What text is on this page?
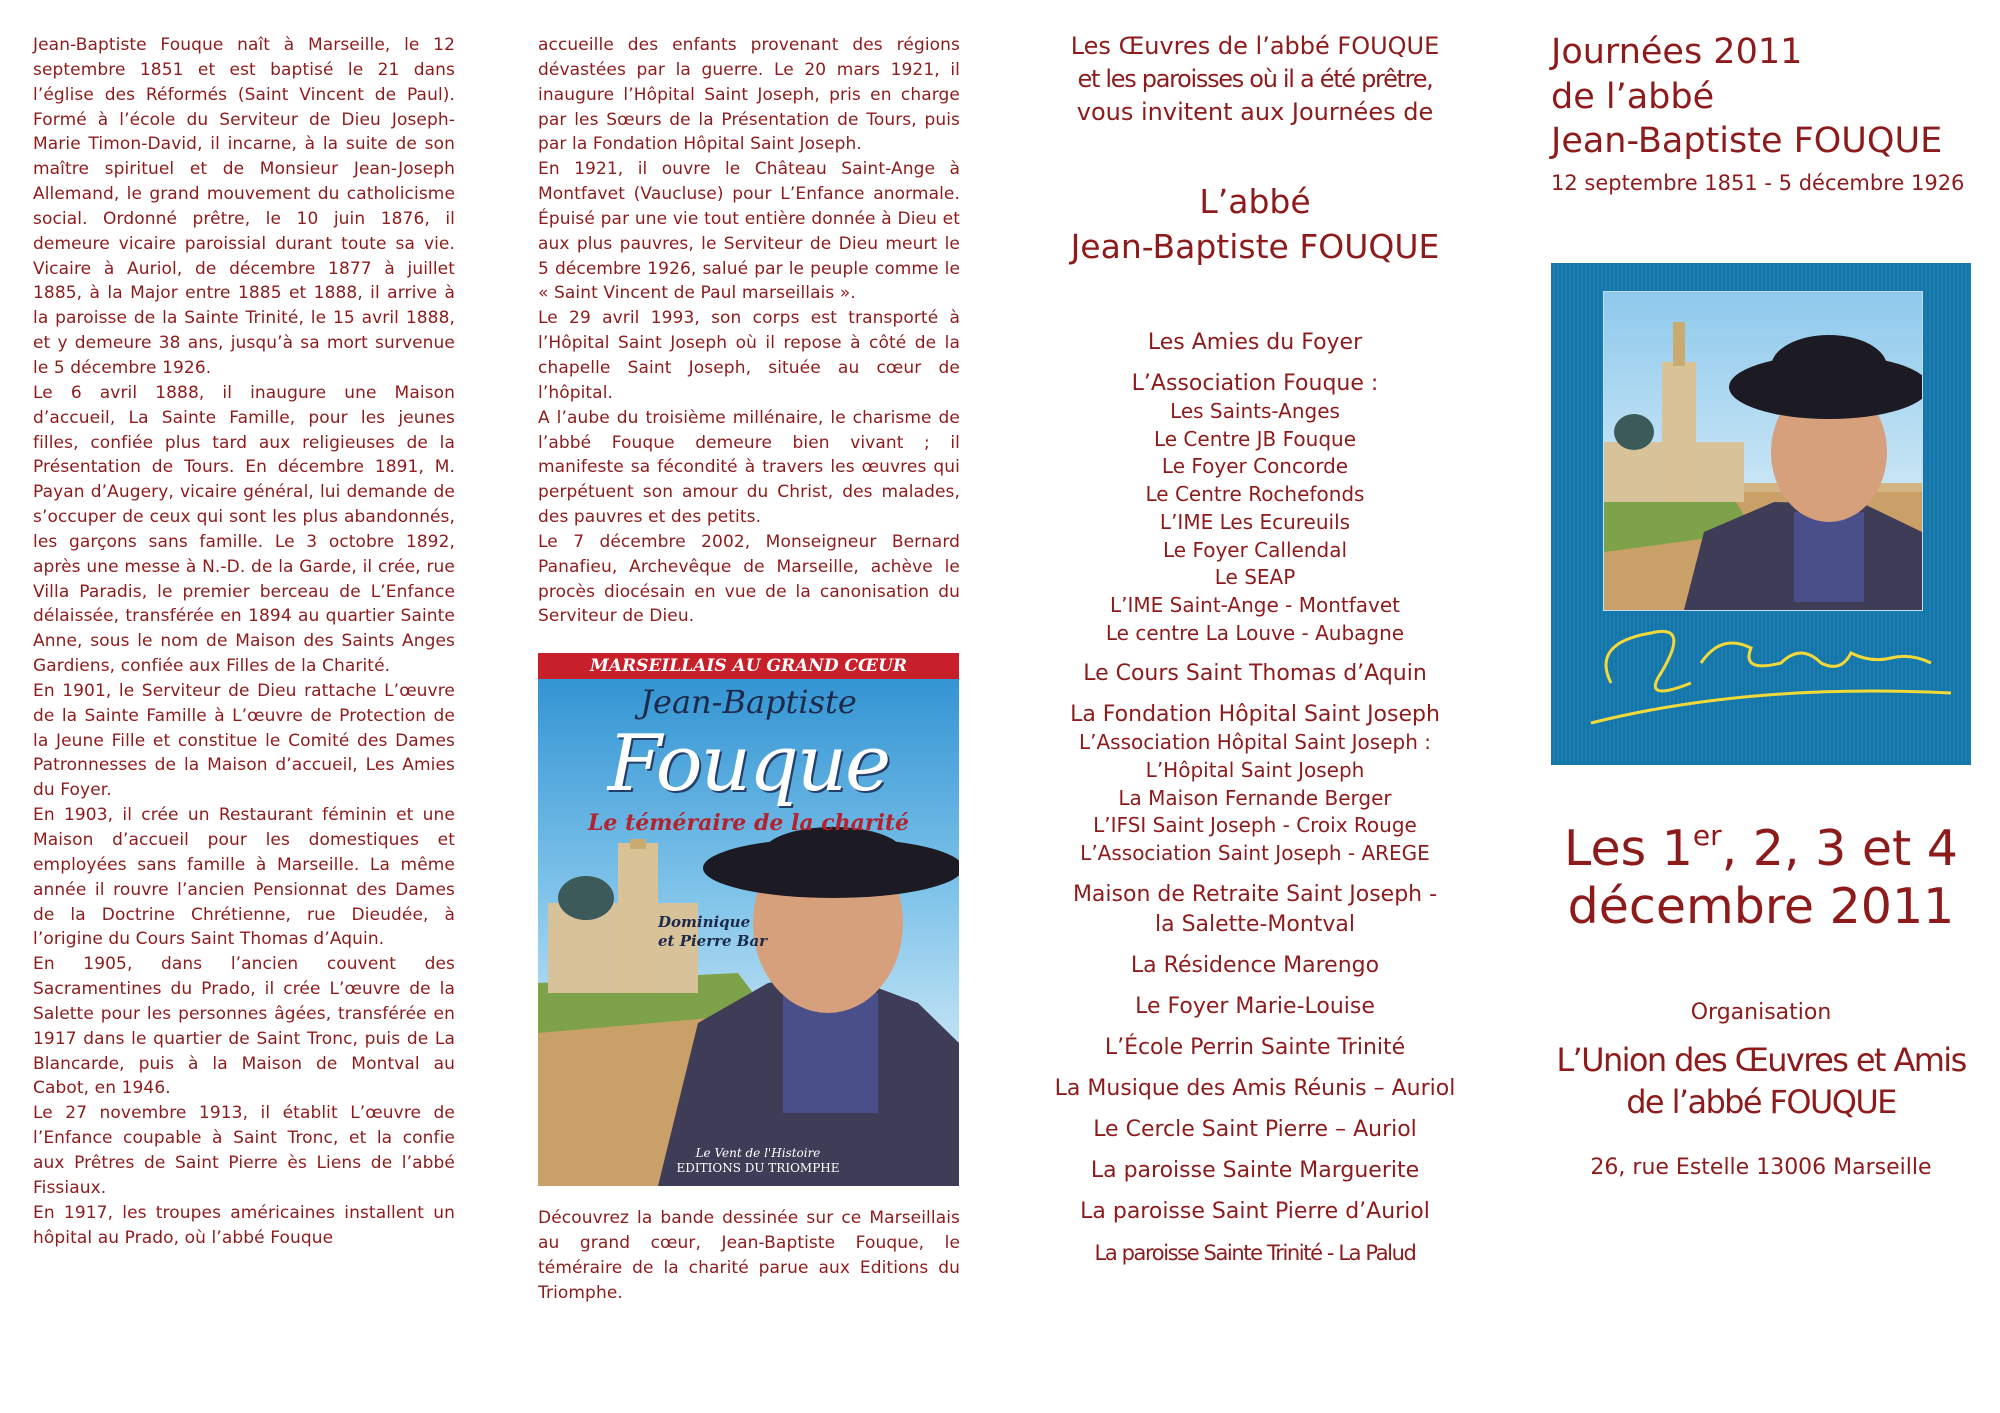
Jean-Baptiste Fouque naît à Marseille, le 12 septembre 1851 et est baptisé le 21 dans l’église des Réformés (Saint Vincent de Paul). Formé à l’école du Serviteur de Dieu Joseph-Marie Timon-David, il incarne, à la suite de son maître spirituel et de Monsieur Jean-Joseph Allemand, le grand mouvement du catholicisme social. Ordonné prêtre, le 10 juin 1876, il demeure vicaire paroissial durant toute sa vie. Vicaire à Auriol, de décembre 1877 à juillet 1885, à la Major entre 1885 et 1888, il arrive à la paroisse de la Sainte Trinité, le 15 avril 1888, et y demeure 38 ans, jusqu’à sa mort survenue le 5 décembre 1926.

Le 6 avril 1888, il inaugure une Maison d’accueil, La Sainte Famille, pour les jeunes filles, confiée plus tard aux religieuses de la Présentation de Tours. En décembre 1891, M. Payan d’Augery, vicaire général, lui demande de s’occuper de ceux qui sont les plus abandonnés, les garçons sans famille. Le 3 octobre 1892, après une messe à N.-D. de la Garde, il crée, rue Villa Paradis, le premier berceau de L’Enfance délaissée, transférée en 1894 au quartier Sainte Anne, sous le nom de Maison des Saints Anges Gardiens, confiée aux Filles de la Charité.

En 1901, le Serviteur de Dieu rattache L’œuvre de la Sainte Famille à L’œuvre de Protection de la Jeune Fille et constitue le Comité des Dames Patronnesses de la Maison d’accueil, Les Amies du Foyer.

En 1903, il crée un Restaurant féminin et une Maison d’accueil pour les domestiques et employées sans famille à Marseille. La même année il rouvre l’ancien Pensionnat des Dames de la Doctrine Chrétienne, rue Dieudée, à l’origine du Cours Saint Thomas d’Aquin.

En 1905, dans l’ancien couvent des Sacramentines du Prado, il crée L’œuvre de la Salette pour les personnes âgées, transférée en 1917 dans le quartier de Saint Tronc, puis de La Blancarde, puis à la Maison de Montval au Cabot, en 1946.

Le 27 novembre 1913, il établit L’œuvre de l’Enfance coupable à Saint Tronc, et la confie aux Prêtres de Saint Pierre ès Liens de l’abbé Fissiaux.

En 1917, les troupes américaines installent un hôpital au Prado, où l’abbé Fouque

accueille des enfants provenant des régions dévastées par la guerre. Le 20 mars 1921, il inaugure l’Hôpital Saint Joseph, pris en charge par les Sœurs de la Présentation de Tours, puis par la Fondation Hôpital Saint Joseph.

En 1921, il ouvre le Château Saint-Ange à Montfavet (Vaucluse) pour L’Enfance anormale. Épuisé par une vie tout entière donnée à Dieu et aux plus pauvres, le Serviteur de Dieu meurt le 5 décembre 1926, salué par le peuple comme le « Saint Vincent de Paul marseillais ».

Le 29 avril 1993, son corps est transporté à l’Hôpital Saint Joseph où il repose à côté de la chapelle Saint Joseph, située au cœur de l’hôpital.

A l’aube du troisième millénaire, le charisme de l’abbé Fouque demeure bien vivant ; il manifeste sa fécondité à travers les œuvres qui perpétuent son amour du Christ, des malades, des pauvres et des petits.

Le 7 décembre 2002, Monseigneur Bernard Panafieu, Archevêque de Marseille, achève le procès diocésain en vue de la canonisation du Serviteur de Dieu.

MARSEILLAIS AU GRAND CŒUR
Jean-Baptiste
Fouque
Le téméraire de la charité
Dominique
et Pierre Bar
Le Vent de l'Histoire
EDITIONS DU TRIOMPHE

Découvrez la bande dessinée sur ce Marseillais au grand cœur, Jean-Baptiste Fouque, le téméraire de la charité parue aux Editions du Triomphe.

Les Œuvres de l’abbé FOUQUE
et les paroisses où il a été prêtre,
vous invitent aux Journées de
L’abbé
Jean-Baptiste FOUQUE
Les Amies du Foyer
L’Association Fouque :
Les Saints-Anges
Le Centre JB Fouque
Le Foyer Concorde
Le Centre Rochefonds
L’IME Les Ecureuils
Le Foyer Callendal
Le SEAP
L’IME Saint-Ange - Montfavet
Le centre La Louve - Aubagne
Le Cours Saint Thomas d’Aquin
La Fondation Hôpital Saint Joseph
L’Association Hôpital Saint Joseph :
L’Hôpital Saint Joseph
La Maison Fernande Berger
L’IFSI Saint Joseph - Croix Rouge
L’Association Saint Joseph - AREGE
Maison de Retraite Saint Joseph -
la Salette-Montval
La Résidence Marengo
Le Foyer Marie-Louise
L’École Perrin Sainte Trinité
La Musique des Amis Réunis – Auriol
Le Cercle Saint Pierre – Auriol
La paroisse Sainte Marguerite
La paroisse Saint Pierre d’Auriol
La paroisse Sainte Trinité - La Palud
Journées 2011
de l’abbé
Jean-Baptiste FOUQUE
12 septembre 1851 - 5 décembre 1926
Les 1er, 2, 3 et 4
décembre 2011
Organisation
L’Union des Œuvres et Amis
de l’abbé FOUQUE
26, rue Estelle 13006 Marseille
